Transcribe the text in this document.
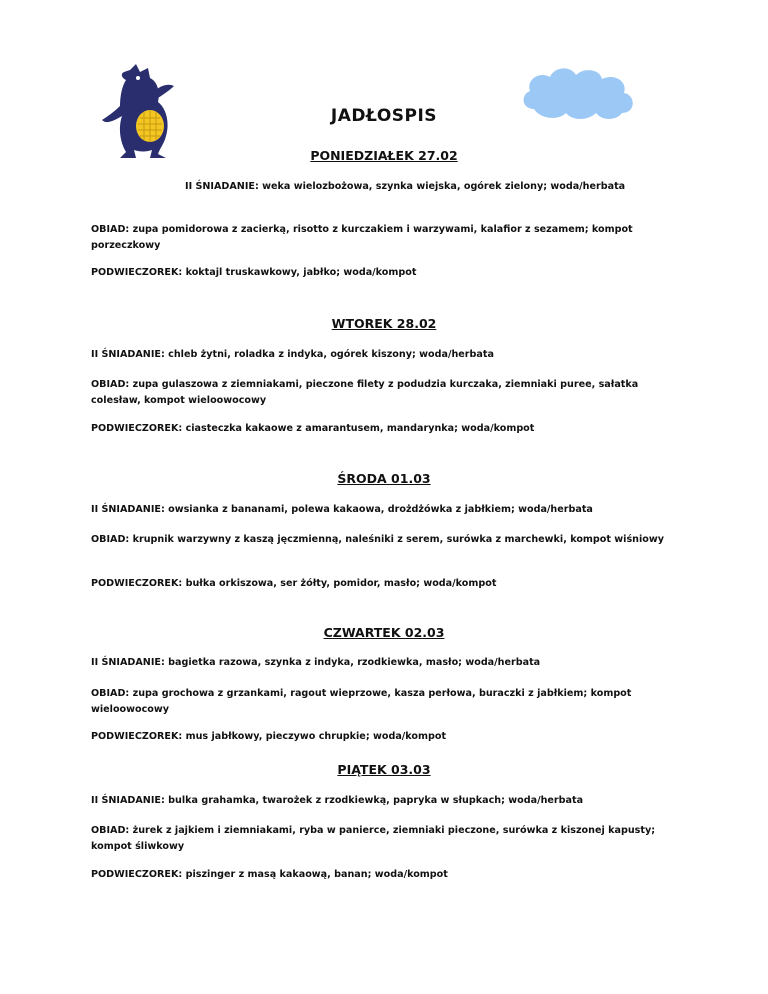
JADŁOSPIS
PONIEDZIAŁEK 27.02

II ŚNIADANIE: weka wielozbożowa, szynka wiejska, ogórek zielony; woda/herbata

OBIAD: zupa pomidorowa z zacierką, risotto z kurczakiem i warzywami, kalafior z sezamem; kompot porzeczkowy

PODWIECZOREK: koktajl truskawkowy, jabłko; woda/kompot

WTOREK 28.02

II ŚNIADANIE: chleb żytni, roladka z indyka, ogórek kiszony; woda/herbata

OBIAD: zupa gulaszowa z ziemniakami, pieczone filety z podudzia kurczaka, ziemniaki puree, sałatka colesław, kompot wieloowocowy

PODWIECZOREK: ciasteczka kakaowe z amarantusem, mandarynka; woda/kompot

ŚRODA 01.03

II ŚNIADANIE: owsianka z bananami, polewa kakaowa, drożdżówka z jabłkiem; woda/herbata

OBIAD: krupnik warzywny z kaszą jęczmienną, naleśniki z serem, surówka z marchewki, kompot wiśniowy

PODWIECZOREK: bułka orkiszowa, ser żółty, pomidor, masło; woda/kompot

CZWARTEK 02.03

II ŚNIADANIE: bagietka razowa, szynka z indyka, rzodkiewka, masło; woda/herbata

OBIAD: zupa grochowa z grzankami, ragout wieprzowe, kasza perłowa, buraczki z jabłkiem; kompot wieloowocowy

PODWIECZOREK: mus jabłkowy, pieczywo chrupkie; woda/kompot

PIĄTEK 03.03

II ŚNIADANIE: bulka grahamka, twarożek z rzodkiewką, papryka w słupkach; woda/herbata

OBIAD: żurek z jajkiem i ziemniakami, ryba w panierce, ziemniaki pieczone, surówka z kiszonej kapusty; kompot śliwkowy

PODWIECZOREK: piszinger z masą kakaową, banan; woda/kompot
